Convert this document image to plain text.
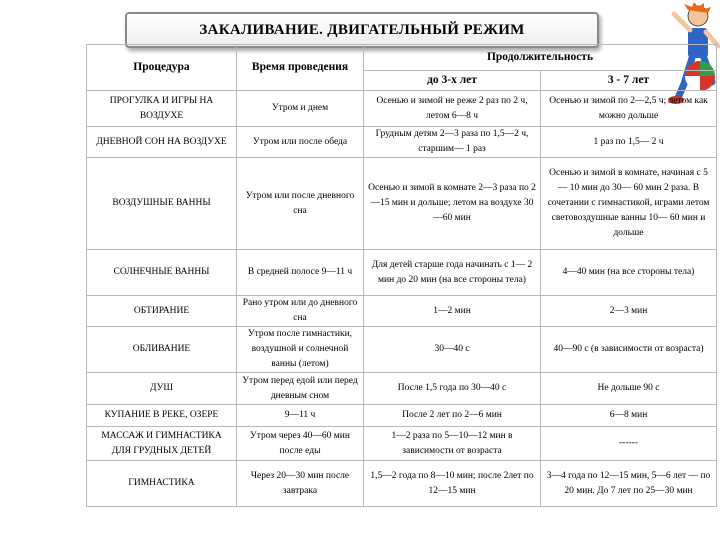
ЗАКАЛИВАНИЕ. ДВИГАТЕЛЬНЫЙ РЕЖИМ
Процедура	Время проведения	Продолжительность	
		до 3-х лет	3 - 7 лет
ПРОГУЛКА И ИГРЫ НА ВОЗДУХЕ	Утром и днем	Осенью и зимой не реже 2 раз по 2 ч, летом 6—8 ч	Осенью и зимой по 2—2,5 ч; летом как можно дольше
ДНЕВНОЙ СОН НА ВОЗДУХЕ	Утром или после обеда	Грудным детям 2—3 раза по 1,5—2 ч, старшим— 1 раз	1 раз по 1,5— 2 ч
ВОЗДУШНЫЕ ВАННЫ	Утром или после дневного сна	Осенью и зимой в комнате 2—3 раза по 2—15 мин и дольше; летом на воздухе 30—60 мин	Осенью и зимой в комнате, начиная с 5— 10 мин до 30— 60 мин 2 раза. В сочетании с гимнастикой, играми летом световоздушные ванны 10— 60 мин и дольше
СОЛНЕЧНЫЕ ВАННЫ	В средней полосе 9—11 ч	Для детей старше года начинать с 1— 2 мин до 20 мин (на все стороны тела)	4—40 мин (на все стороны тела)
ОБТИРАНИЕ	Рано утром или до дневного сна	1—2 мин	2—3 мин
ОБЛИВАНИЕ	Утром после гимнастики, воздушной и солнечной ванны (летом)	30—40 с	40—90 с (в зависимости от возраста)
ДУШ	Утром перед едой или перед дневным сном	После 1,5 года по 30—40 с	Не дольше 90 с
КУПАНИЕ В РЕКЕ, ОЗЕРЕ	9—11 ч	После 2 лет по 2—6 мин	6—8 мин
МАССАЖ И ГИМНАСТИКА ДЛЯ ГРУДНЫХ ДЕТЕЙ	Утром через 40—60 мин после еды	1—2 раза по 5—10—12 мин в зависимости от возраста	------
ГИМНАСТИКА	Через 20—30 мин после завтрака	1,5—2 года по 8—10 мин; после 2лет по 12—15 мин	3—4 года по 12—15 мин, 5—6 лет — по 20 мин. До 7 лет по 25—30 мин
